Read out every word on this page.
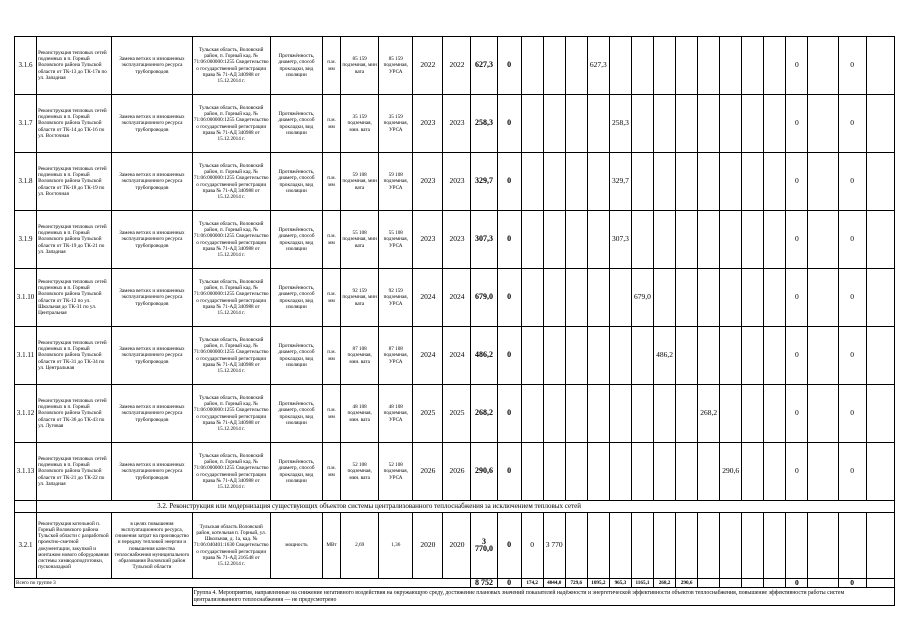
3.1.6	Реконструкция тепловых сетей подземных в п. Горный Воловского района Тульской области от ТК-13 до ТК-17в по ул. Западная	Замена ветхих и изношенных эксплуатационного ресурса трубопроводов	Тульская область, Воловский район, п. Горный кад. № 71:06:000000:1255 Свидетельство о государственной регистрации права № 71-АД 340988 от 15.12.2014 г.	Протяжённость, диаметр, способ прокладки, вид изоляции	п.м. мм	85 159 подземная, мин вата	85 159 подземная, УРСА	2022	2022	627,3	0				627,3									0		0	
3.1.7	Реконструкция тепловых сетей подземных в п. Горный Воловского района Тульской области от ТК-14 до ТК-16 по ул. Восточная	Замена ветхих и изношенных эксплуатационного ресурса трубопроводов	Тульская область, Воловский район, п. Горный кад. № 71:06:000000:1255 Свидетельство о государственной регистрации права № 71-АД 340988 от 15.12.2014 г.	Протяжённость, диаметр, способ прокладки, вид изоляции	п.м. мм	35 159 подземная, мин. вата	35 159 подземная, УРСА	2023	2023	258,3	0					258,3								0		0	
3.1.8	Реконструкция тепловых сетей подземных в п. Горный Воловского района Тульской области от ТК-18 до ТК-19 по ул. Восточная	Замена ветхих и изношенных эксплуатационного ресурса трубопроводов	Тульская область, Воловский район, п. Горный кад. № 71:06:000000:1255 Свидетельство о государственной регистрации права № 71-АД 340988 от 15.12.2014 г.	Протяжённость, диаметр, способ прокладки, вид изоляции	п.м. мм	59 108 подземная, мин вата	59 108 подземная, УРСА	2023	2023	329,7	0					329,7								0		0	
3.1.9	Реконструкция тепловых сетей подземных в п. Горный Воловского района Тульской области от ТК-19 до ТК-21 по ул. Западная	Замена ветхих и изношенных эксплуатационного ресурса трубопроводов	Тульская область, Воловский район, п. Горный кад. № 71:06:000000:1255 Свидетельство о государственной регистрации права № 71-АД 340988 от 15.12.2014 г.	Протяжённость, диаметр, способ прокладки, вид изоляции	п.м. мм	55 108 подземная, мин вата	55 108 подземная, УРСА	2023	2023	307,3	0					307,3								0		0	
3.1.10	Реконструкция тепловых сетей подземных в п. Горный Воловского района Тульской области от ТК-12 по ул. Школьная до ТК-31 по ул. Центральная	Замена ветхих и изношенных эксплуатационного ресурса трубопроводов	Тульская область, Воловский район, п. Горный кад. № 71:06:000000:1255 Свидетельство о государственной регистрации права № 71-АД 340988 от 15.12.2014 г.	Протяжённость, диаметр, способ прокладки, вид изоляции	п.м. мм	92 159 подземная, мин вата	92 159 подземная, УРСА	2024	2024	679,0	0						679,0							0		0	
3.1.11	Реконструкция тепловых сетей подземных в п. Горный Воловского района Тульской области от ТК-31 до ТК-34 по ул. Центральная	Замена ветхих и изношенных эксплуатационного ресурса трубопроводов	Тульская область, Воловский район, п. Горный кад. № 71:06:000000:1255 Свидетельство о государственной регистрации права № 71-АД 340988 от 15.12.2014 г.	Протяжённость, диаметр, способ прокладки, вид изоляции	п.м. мм	87 108 подземная, мин. вата	87 108 подземная, УРСА	2024	2024	486,2	0							486,2						0		0	
3.1.12	Реконструкция тепловых сетей подземных в п. Горный Воловского района Тульской области от ТК-36 до ТК-43 по ул. Луговая	Замена ветхих и изношенных эксплуатационного ресурса трубопроводов	Тульская область, Воловский район, п. Горный кад. № 71:06:000000:1255 Свидетельство о государственной регистрации права № 71-АД 340988 от 15.12.2014 г.	Протяжённость, диаметр, способ прокладки, вид изоляции	п.м. мм	48 108 подземная, мин. вата	48 108 подземная, УРСА	2025	2025	268,2	0									268,2				0		0	
3.1.13	Реконструкция тепловых сетей подземных в п. Горный Воловского района Тульской области от ТК-21 до ТК-22 по ул. Западная	Замена ветхих и изношенных эксплуатационного ресурса трубопроводов	Тульская область, Воловский район, п. Горный кад. № 71:06:000000:1255 Свидетельство о государственной регистрации права № 71-АД 340988 от 15.12.2014 г.	Протяжённость, диаметр, способ прокладки, вид изоляции	п.м. мм	52 108 подземная, мин. вата	52 108 подземная, УРСА	2026	2026	290,6	0										290,6			0		0	
	3.2. Реконструкция или модернизация существующих объектов системы централизованного теплоснабжения за исключением тепловых сетей																										
3.2.1	Реконструкция котельной п. Горный Воловского района Тульской области с разработкой проектно-сметной документации, закупкой и монтажом нового оборудования системы химводоподготовки, пусконаладкой	в целях повышения эксплуатационного ресурса, снижения затрат на производство и передачу тепловой энергии и повышения качества теплоснабжения муниципального образования Воловский район Тульской области	Тульская область Воловский район, котельная п. Горный, ул. Школьная, д. 1а, кад. № 71:06:040401:1630 Свидетельство о государственной регистрации права № 71-АД 216548 от 15.12.2014 г.	мощность	МВт	2,69	1,36	2020	2020	3 770,0	0	0	3 770														
Всего по группе 3										8 752	0	174,2	4044,0	729,6	1095,2	965,3	1165,1	268,2	290,6					0		0	
			Группа 4. Мероприятия, направленные на снижение негативного воздействия на окружающую среду, достижение плановых значений показателей надёжности и энергетической эффективности объектов теплоснабжения, повышение эффективности работы систем централизованного теплоснабжения — не предусмотрено																								
